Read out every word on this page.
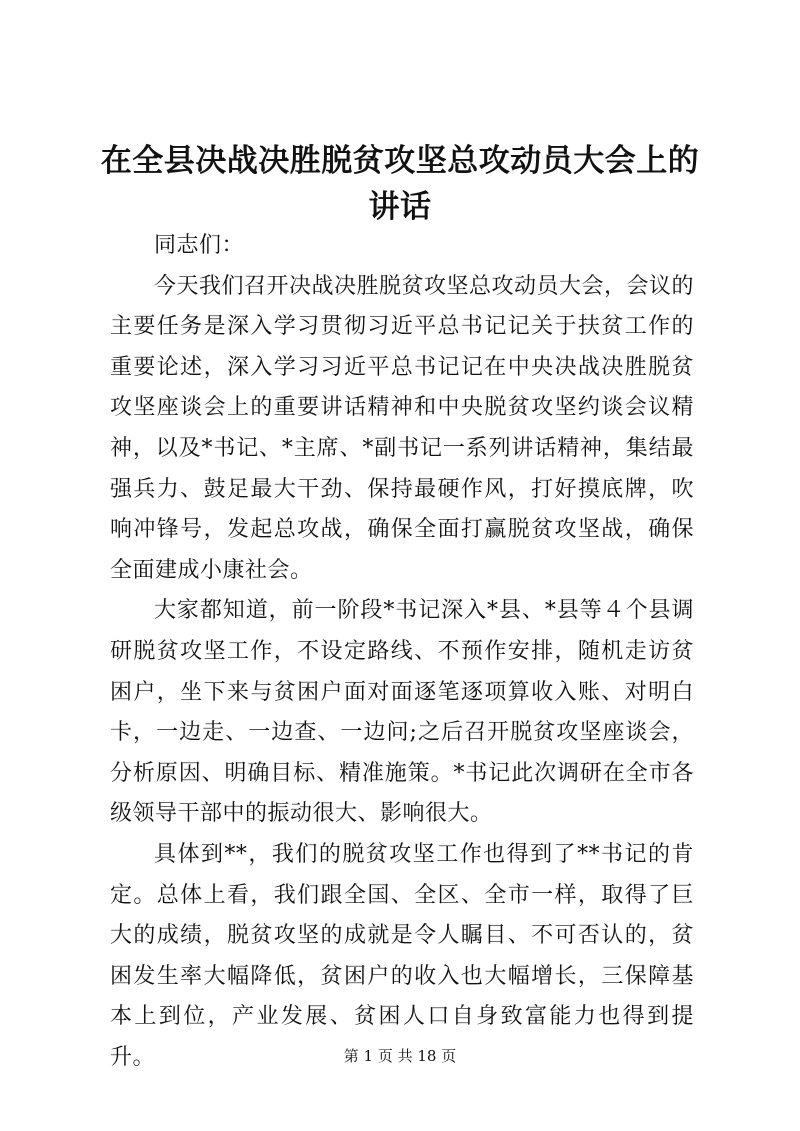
在全县决战决胜脱贫攻坚总攻动员大会上的讲话

同志们：

今天我们召开决战决胜脱贫攻坚总攻动员大会，会议的主要任务是深入学习贯彻习近平总书记记关于扶贫工作的重要论述，深入学习习近平总书记记在中央决战决胜脱贫攻坚座谈会上的重要讲话精神和中央脱贫攻坚约谈会议精神，以及*书记、*主席、*副书记一系列讲话精神，集结最强兵力、鼓足最大干劲、保持最硬作风，打好摸底牌，吹响冲锋号，发起总攻战，确保全面打赢脱贫攻坚战，确保全面建成小康社会。

大家都知道，前一阶段*书记深入*县、*县等４个县调研脱贫攻坚工作，不设定路线、不预作安排，随机走访贫困户，坐下来与贫困户面对面逐笔逐项算收入账、对明白卡，一边走、一边查、一边问;之后召开脱贫攻坚座谈会，分析原因、明确目标、精准施策。*书记此次调研在全市各级领导干部中的振动很大、影响很大。

具体到**，我们的脱贫攻坚工作也得到了**书记的肯定。总体上看，我们跟全国、全区、全市一样，取得了巨大的成绩，脱贫攻坚的成就是令人瞩目、不可否认的，贫困发生率大幅降低，贫困户的收入也大幅增长，三保障基本上到位，产业发展、贫困人口自身致富能力也得到提升。	第 1 页 共 18 页
